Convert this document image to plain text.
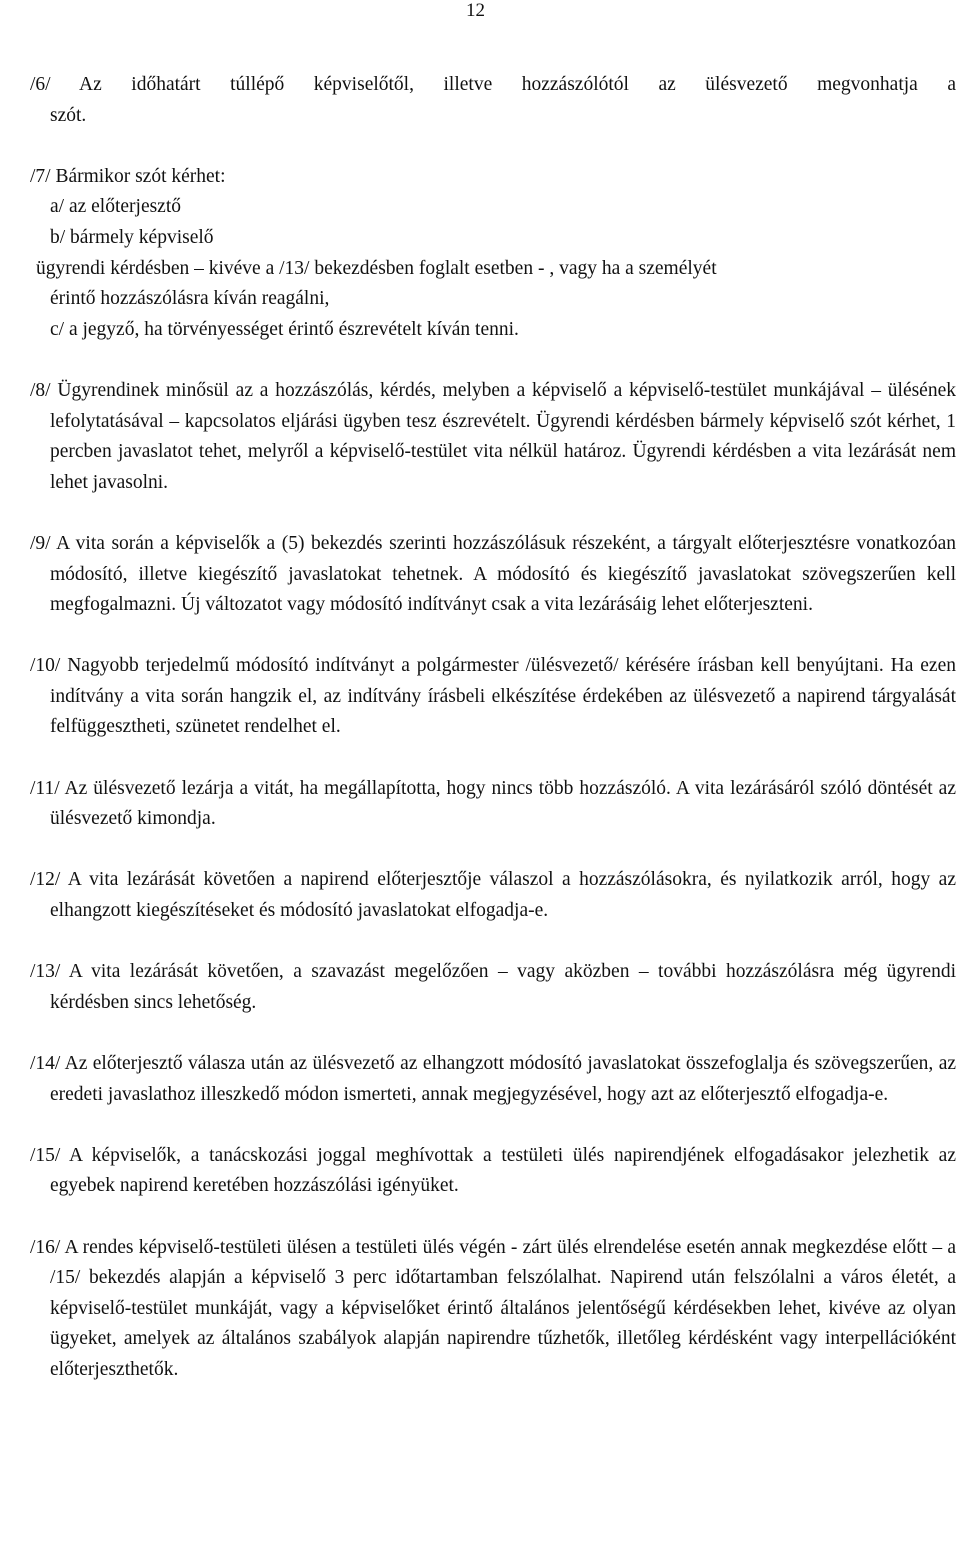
12
/6/ Az időhatárt túllépő képviselőtől, illetve hozzászólótól az ülésvezető megvonhatja a
szót.
/7/ Bármikor szót kérhet:
a/ az előterjesztő
b/ bármely képviselő
ügyrendi kérdésben – kivéve a /13/ bekezdésben foglalt esetben - , vagy ha a személyét
érintő hozzászólásra kíván reagálni,
c/ a jegyző, ha törvényességet érintő észrevételt kíván tenni.

/8/ Ügyrendinek minősül az a hozzászólás, kérdés, melyben a képviselő a képviselő-testület munkájával – ülésének lefolytatásával – kapcsolatos eljárási ügyben tesz észrevételt. Ügyrendi kérdésben bármely képviselő szót kérhet, 1 percben javaslatot tehet, melyről a képviselő-testület vita nélkül határoz. Ügyrendi kérdésben a vita lezárását nem lehet javasolni.

/9/ A vita során a képviselők a (5) bekezdés szerinti hozzászólásuk részeként, a tárgyalt előterjesztésre vonatkozóan módosító, illetve kiegészítő javaslatokat tehetnek. A módosító és kiegészítő javaslatokat szövegszerűen kell megfogalmazni. Új változatot vagy módosító indítványt csak a vita lezárásáig lehet előterjeszteni.

/10/ Nagyobb terjedelmű módosító indítványt a polgármester /ülésvezető/ kérésére írásban kell benyújtani. Ha ezen indítvány a vita során hangzik el, az indítvány írásbeli elkészítése érdekében az ülésvezető a napirend tárgyalását felfüggesztheti, szünetet rendelhet el.

/11/ Az ülésvezető lezárja a vitát, ha megállapította, hogy nincs több hozzászóló. A vita lezárásáról szóló döntését az ülésvezető kimondja.

/12/ A vita lezárását követően a napirend előterjesztője válaszol a hozzászólásokra, és nyilatkozik arról, hogy az elhangzott kiegészítéseket és módosító javaslatokat elfogadja-e.

/13/ A vita lezárását követően, a szavazást megelőzően – vagy aközben – további hozzászólásra még ügyrendi kérdésben sincs lehetőség.

/14/ Az előterjesztő válasza után az ülésvezető az elhangzott módosító javaslatokat összefoglalja és szövegszerűen, az eredeti javaslathoz illeszkedő módon ismerteti, annak megjegyzésével, hogy azt az előterjesztő elfogadja-e.

/15/ A képviselők, a tanácskozási joggal meghívottak a testületi ülés napirendjének elfogadásakor jelezhetik az egyebek napirend keretében hozzászólási igényüket.

/16/ A rendes képviselő-testületi ülésen a testületi ülés végén - zárt ülés elrendelése esetén annak megkezdése előtt – a /15/ bekezdés alapján a képviselő 3 perc időtartamban felszólalhat. Napirend után felszólalni a város életét, a képviselő-testület munkáját, vagy a képviselőket érintő általános jelentőségű kérdésekben lehet, kivéve az olyan ügyeket, amelyek az általános szabályok alapján napirendre tűzhetők, illetőleg kérdésként vagy interpellációként előterjeszthetők.
